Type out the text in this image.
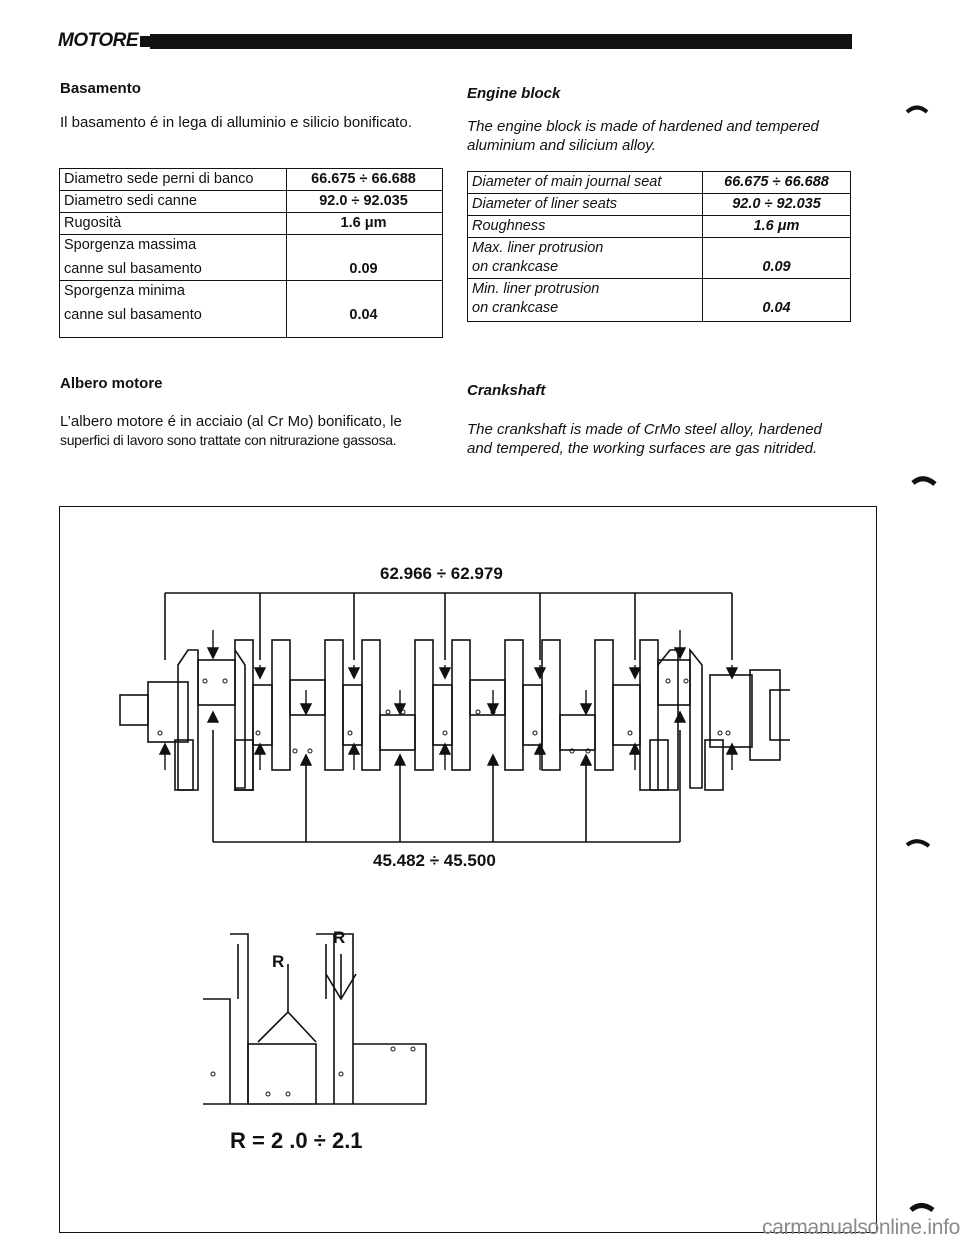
MOTORE
Basamento
Il basamento é in lega di alluminio e silicio bonificato.
Diametro sede perni di banco	66.675 ÷ 66.688
Diametro sedi canne	92.0 ÷ 92.035
Rugosità	1.6 μm

Sporgenza massima
canne sul basamento	0.09

Sporgenza minima
canne sul basamento	0.04
Albero motore
L’albero motore é in acciaio (al Cr Mo) bonificato, le
superfici di lavoro sono trattate con nitrurazione gassosa.
Engine block
The engine block is made of hardened and tempered
aluminium and silicium alloy.
Diameter of main journal seat	66.675 ÷ 66.688
Diameter of liner seats	92.0 ÷ 92.035
Roughness	1.6 μm

Max. liner protrusion
on crankcase	0.09

Min. liner protrusion
on crankcase	0.04
Crankshaft
The crankshaft is made of CrMo steel alloy, hardened
and tempered, the working surfaces are gas nitrided.
62.966 ÷ 62.979
45.482 ÷ 45.500
R
R
R = 2 .0 ÷ 2.1
carmanualsonline.info
